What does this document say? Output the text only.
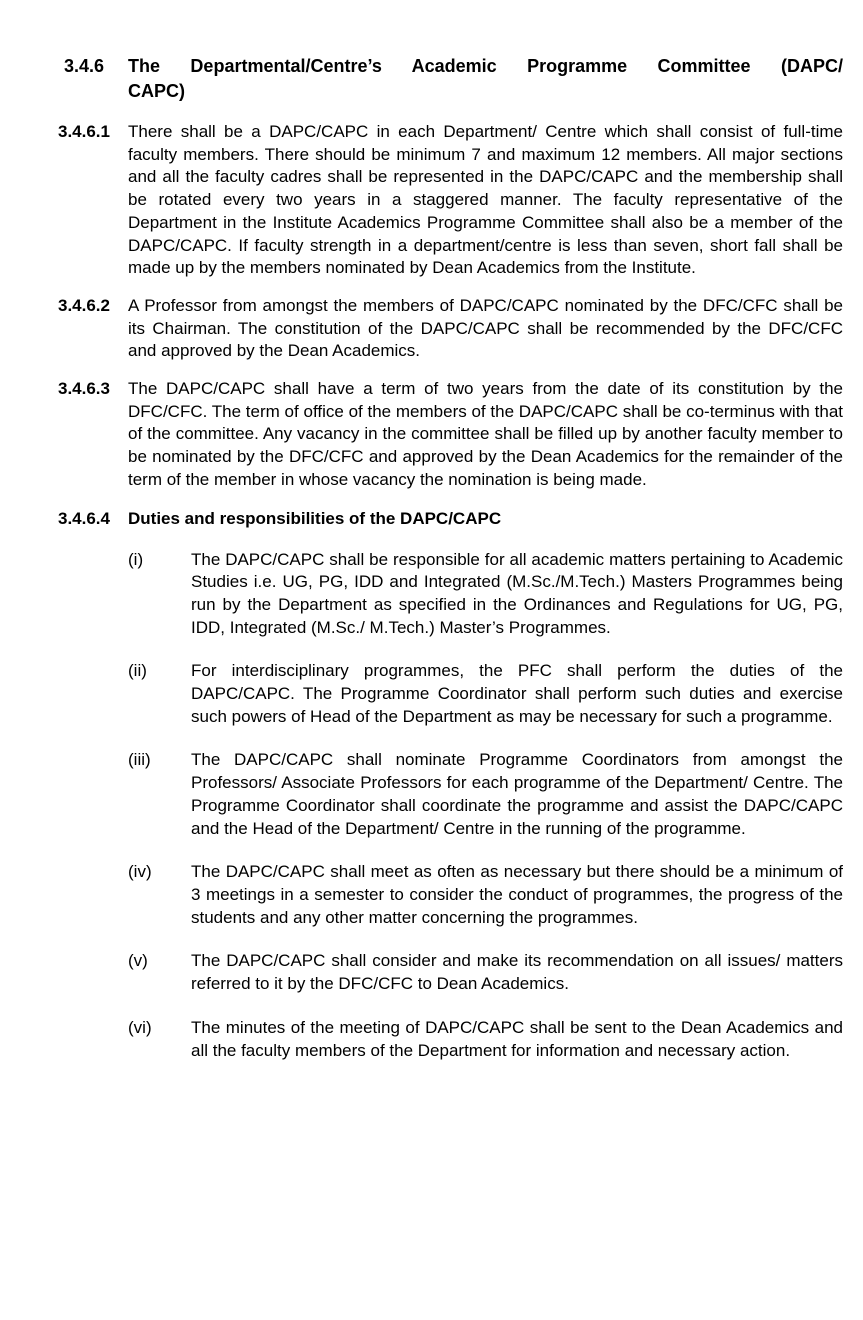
3.4.6	The Departmental/Centre’s Academic Programme Committee (DAPC/
CAPC)
3.4.6.1	There shall be a DAPC/CAPC in each Department/ Centre which shall consist of full-time faculty members. There should be minimum 7 and maximum 12 members. All major sections and all the faculty cadres shall be represented in the DAPC/CAPC and the membership shall be rotated every two years in a staggered manner. The faculty representative of the Department in the Institute Academics Programme Committee shall also be a member of the DAPC/CAPC. If faculty strength in a department/centre is less than seven, short fall shall be made up by the members nominated by Dean Academics from the Institute.
3.4.6.2	A Professor from amongst the members of DAPC/CAPC nominated by the DFC/CFC shall be its Chairman. The constitution of the DAPC/CAPC shall be recommended by the DFC/CFC and approved by the Dean Academics.
3.4.6.3	The DAPC/CAPC shall have a term of two years from the date of its constitution by the DFC/CFC. The term of office of the members of the DAPC/CAPC shall be co-terminus with that of the committee. Any vacancy in the committee shall be filled up by another faculty member to be nominated by the DFC/CFC and approved by the Dean Academics for the remainder of the term of the member in whose vacancy the nomination is being made.
3.4.6.4	Duties and responsibilities of the DAPC/CAPC
(i)	The DAPC/CAPC shall be responsible for all academic matters pertaining to Academic Studies i.e. UG, PG, IDD and Integrated (M.Sc./M.Tech.) Masters Programmes being run by the Department as specified in the Ordinances and Regulations for UG, PG, IDD, Integrated (M.Sc./ M.Tech.) Master’s Programmes.
(ii)	For interdisciplinary programmes, the PFC shall perform the duties of the DAPC/CAPC. The Programme Coordinator shall perform such duties and exercise such powers of Head of the Department as may be necessary for such a programme.
(iii)	The DAPC/CAPC shall nominate Programme Coordinators from amongst the Professors/ Associate Professors for each programme of the Department/ Centre. The Programme Coordinator shall coordinate the programme and assist the DAPC/CAPC and the Head of the Department/ Centre in the running of the programme.
(iv)	The DAPC/CAPC shall meet as often as necessary but there should be a minimum of 3 meetings in a semester to consider the conduct of programmes, the progress of the students and any other matter concerning the programmes.
(v)	The DAPC/CAPC shall consider and make its recommendation on all issues/ matters referred to it by the DFC/CFC to Dean Academics.
(vi)	The minutes of the meeting of DAPC/CAPC shall be sent to the Dean Academics and all the faculty members of the Department for information and necessary action.
